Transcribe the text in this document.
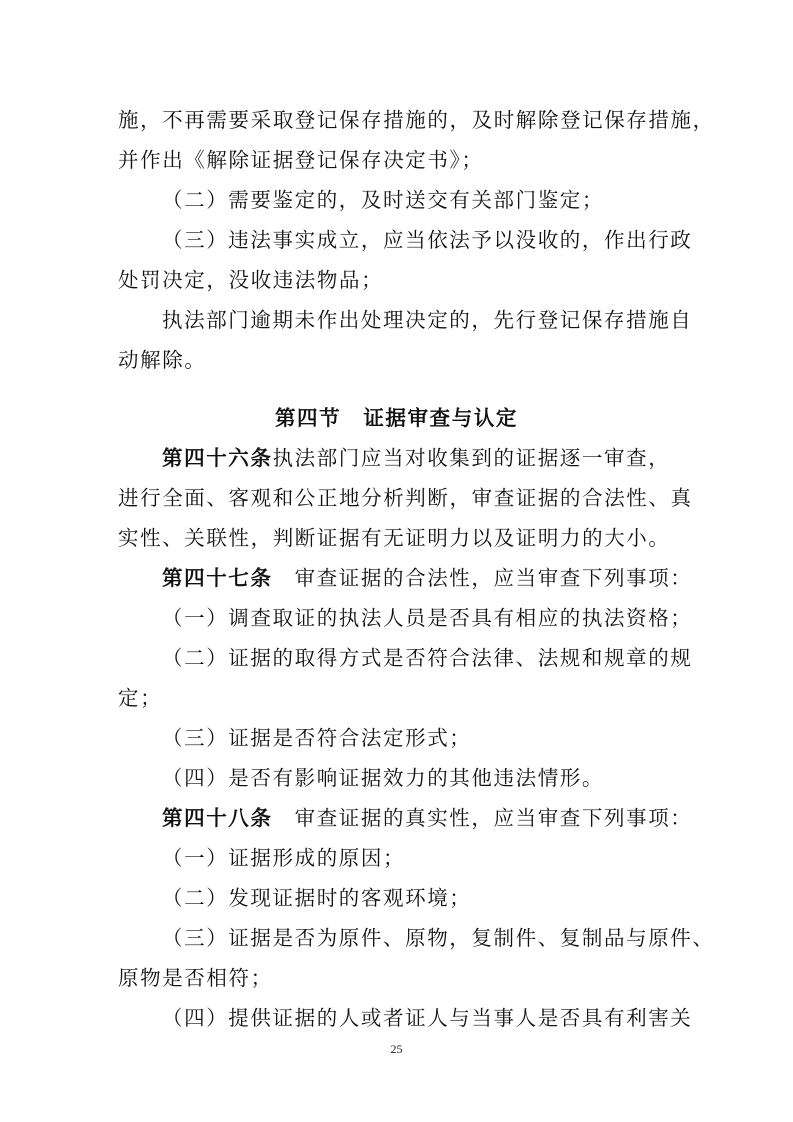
施，不再需要采取登记保存措施的，及时解除登记保存措施，
并作出《解除证据登记保存决定书》；
（二）需要鉴定的，及时送交有关部门鉴定；
（三）违法事实成立，应当依法予以没收的，作出行政
处罚决定，没收违法物品；
执法部门逾期未作出处理决定的，先行登记保存措施自
动解除。
第四节　证据审查与认定
第四十六条执法部门应当对收集到的证据逐一审查，
进行全面、客观和公正地分析判断，审查证据的合法性、真
实性、关联性，判断证据有无证明力以及证明力的大小。
第四十七条　审查证据的合法性，应当审查下列事项：
（一）调查取证的执法人员是否具有相应的执法资格；
（二）证据的取得方式是否符合法律、法规和规章的规
定；
（三）证据是否符合法定形式；
（四）是否有影响证据效力的其他违法情形。
第四十八条　审查证据的真实性，应当审查下列事项：
（一）证据形成的原因；
（二）发现证据时的客观环境；
（三）证据是否为原件、原物，复制件、复制品与原件、
原物是否相符；
（四）提供证据的人或者证人与当事人是否具有利害关
25
